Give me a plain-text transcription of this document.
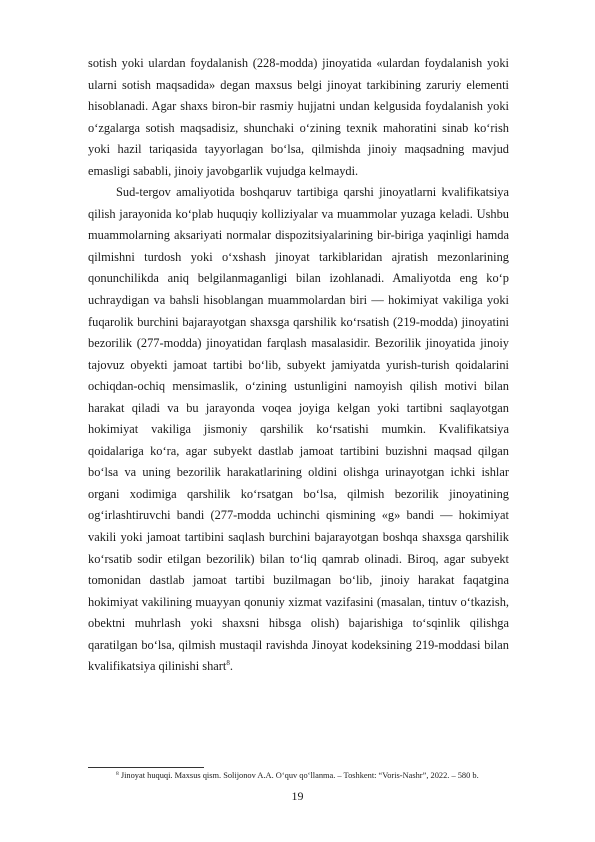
sotish yoki ulardan foydalanish (228-modda) jinoyatida «ulardan foydalanish yoki ularni sotish maqsadida» degan maxsus belgi jinoyat tarkibining zaruriy elementi hisoblanadi. Agar shaxs biron-bir rasmiy hujjatni undan kelgusida foydalanish yoki o‘zgalarga sotish maqsadisiz, shunchaki o‘zining texnik mahoratini sinab ko‘rish yoki hazil tariqasida tayyorlagan bo‘lsa, qilmishda jinoiy maqsadning mavjud emasligi sababli, jinoiy javobgarlik vujudga kelmaydi.

Sud-tergov amaliyotida boshqaruv tartibiga qarshi jinoyatlarni kvalifikatsiya qilish jarayonida ko‘plab huquqiy kolliziyalar va muammolar yuzaga keladi. Ushbu muammolarning aksariyati normalar dispozitsiyalarining bir-biriga yaqinligi hamda qilmishni turdosh yoki o‘xshash jinoyat tarkiblaridan ajratish mezonlarining qonunchilikda aniq belgilanmaganligi bilan izohlanadi. Amaliyotda eng ko‘p uchraydigan va bahsli hisoblangan muammolardan biri — hokimiyat vakiliga yoki fuqarolik burchini bajarayotgan shaxsga qarshilik ko‘rsatish (219-modda) jinoyatini bezorilik (277-modda) jinoyatidan farqlash masalasidir. Bezorilik jinoyatida jinoiy tajovuz obyekti jamoat tartibi bo‘lib, subyekt jamiyatda yurish-turish qoidalarini ochiqdan-ochiq mensimaslik, o‘zining ustunligini namoyish qilish motivi bilan harakat qiladi va bu jarayonda voqea joyiga kelgan yoki tartibni saqlayotgan hokimiyat vakiliga jismoniy qarshilik ko‘rsatishi mumkin. Kvalifikatsiya qoidalariga ko‘ra, agar subyekt dastlab jamoat tartibini buzishni maqsad qilgan bo‘lsa va uning bezorilik harakatlarining oldini olishga urinayotgan ichki ishlar organi xodimiga qarshilik ko‘rsatgan bo‘lsa, qilmish bezorilik jinoyatining og‘irlashtiruvchi bandi (277-modda uchinchi qismining «g» bandi — hokimiyat vakili yoki jamoat tartibini saqlash burchini bajarayotgan boshqa shaxsga qarshilik ko‘rsatib sodir etilgan bezorilik) bilan to‘liq qamrab olinadi. Biroq, agar subyekt tomonidan dastlab jamoat tartibi buzilmagan bo‘lib, jinoiy harakat faqatgina hokimiyat vakilining muayyan qonuniy xizmat vazifasini (masalan, tintuv o‘tkazish, obektni muhrlash yoki shaxsni hibsga olish) bajarishiga to‘sqinlik qilishga qaratilgan bo‘lsa, qilmish mustaqil ravishda Jinoyat kodeksining 219-moddasi bilan kvalifikatsiya qilinishi shart$^8$.

$^8$ Jinoyat huquqi. Maxsus qism. Solijonov A.A. O‘quv qo‘llanma. – Toshkent: “Voris-Nashr”, 2022. – 580 b.

19
